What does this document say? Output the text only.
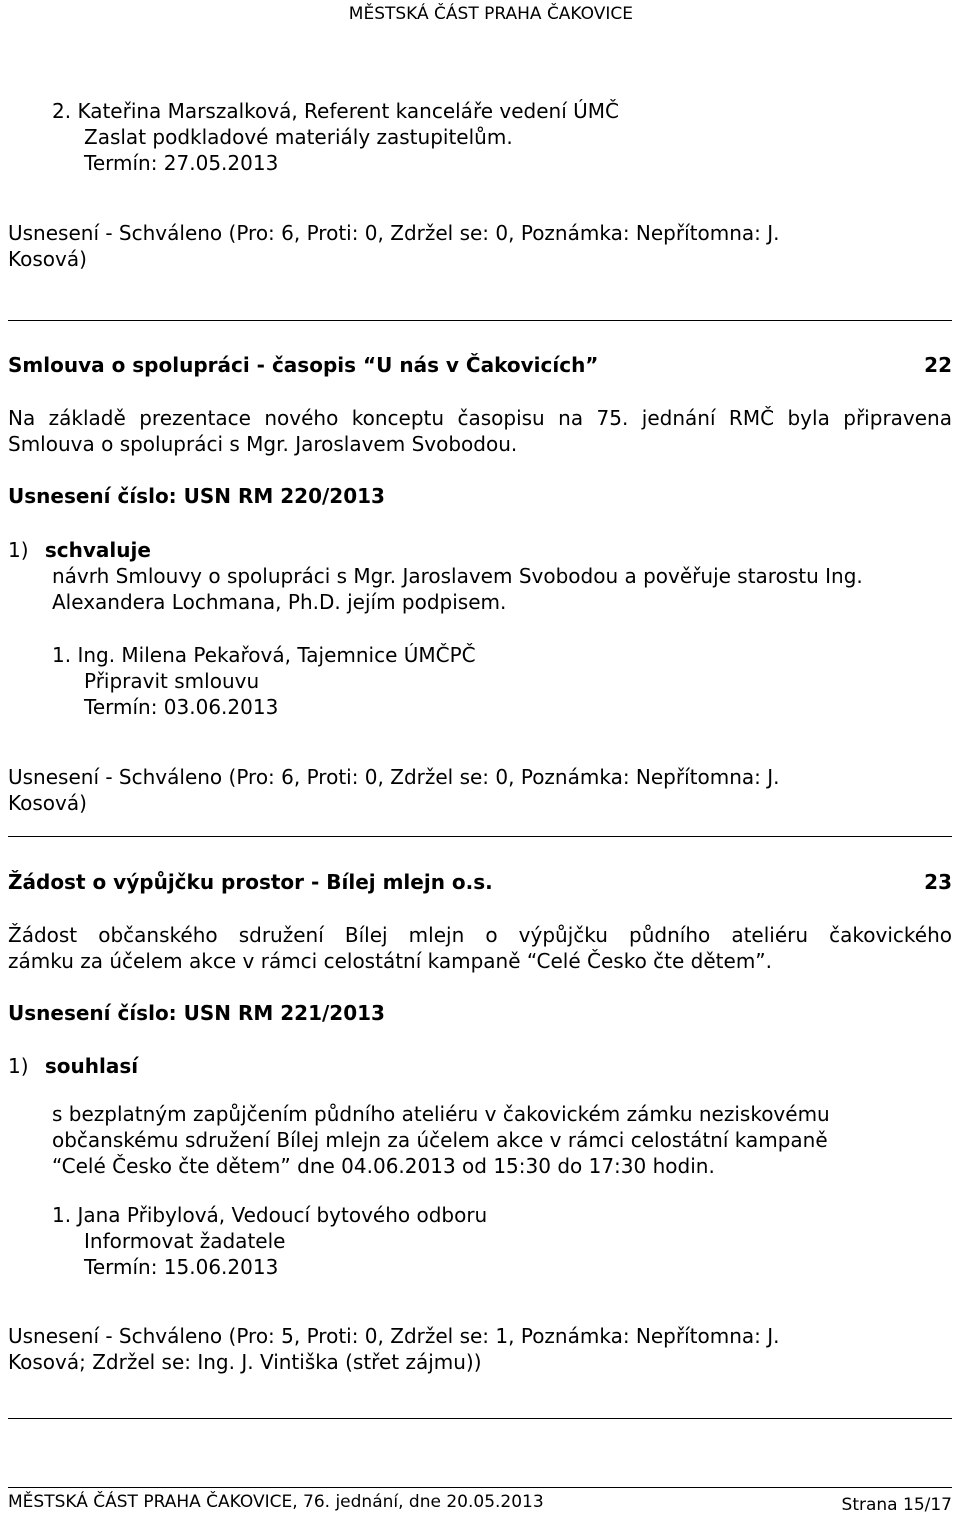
MĚSTSKÁ ČÁST PRAHA ČAKOVICE
2. Kateřina Marszalková, Referent kanceláře vedení ÚMČ
Zaslat podkladové materiály zastupitelům.
Termín: 27.05.2013
Usnesení - Schváleno (Pro: 6, Proti: 0, Zdržel se: 0, Poznámka: Nepřítomna: J.
Kosová)
Smlouva o spolupráci - časopis “U nás v Čakovicích”	22
Na základě prezentace nového konceptu časopisu na 75. jednání RMČ byla připravena
Smlouva o spolupráci s Mgr. Jaroslavem Svobodou.
Usnesení číslo: USN RM 220/2013
1) schvaluje
návrh Smlouvy o spolupráci s Mgr. Jaroslavem Svobodou a pověřuje starostu Ing.
Alexandera Lochmana, Ph.D. jejím podpisem.
1. Ing. Milena Pekařová, Tajemnice ÚMČPČ
Připravit smlouvu
Termín: 03.06.2013
Usnesení - Schváleno (Pro: 6, Proti: 0, Zdržel se: 0, Poznámka: Nepřítomna: J.
Kosová)
Žádost o výpůjčku prostor - Bílej mlejn o.s.	23
Žádost občanského sdružení Bílej mlejn o výpůjčku půdního ateliéru čakovického
zámku za účelem akce v rámci celostátní kampaně “Celé Česko čte dětem”.
Usnesení číslo: USN RM 221/2013
1) souhlasí
s bezplatným zapůjčením půdního ateliéru v čakovickém zámku neziskovému
občanskému sdružení Bílej mlejn za účelem akce v rámci celostátní kampaně
“Celé Česko čte dětem” dne 04.06.2013 od 15:30 do 17:30 hodin.
1. Jana Přibylová, Vedoucí bytového odboru
Informovat žadatele
Termín: 15.06.2013
Usnesení - Schváleno (Pro: 5, Proti: 0, Zdržel se: 1, Poznámka: Nepřítomna: J.
Kosová; Zdržel se: Ing. J. Vintiška (střet zájmu))
MĚSTSKÁ ČÁST PRAHA ČAKOVICE, 76. jednání, dne 20.05.2013	Strana 15/17
